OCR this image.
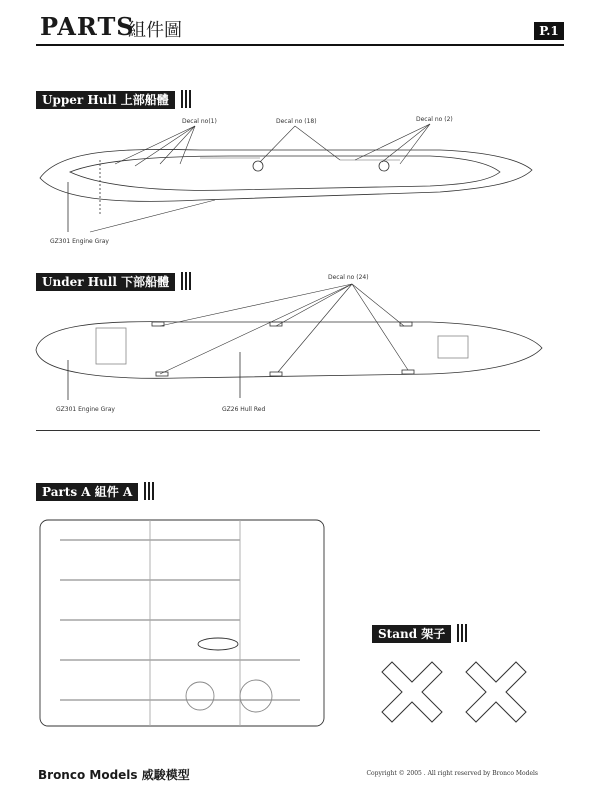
PARTS
組件圖	P.1
Upper Hull 上部船體
Decal no(1)	Decal no (18)	Decal no (2)
GZ301 Engine Gray
Under Hull 下部船體	Decal no (24)
GZ301 Engine Gray	GZ26 Hull Red
Parts A 組件 A
Stand 架子
Bronco Models 威駿模型	Copyright © 2005 . All right reserved by Bronco Models
